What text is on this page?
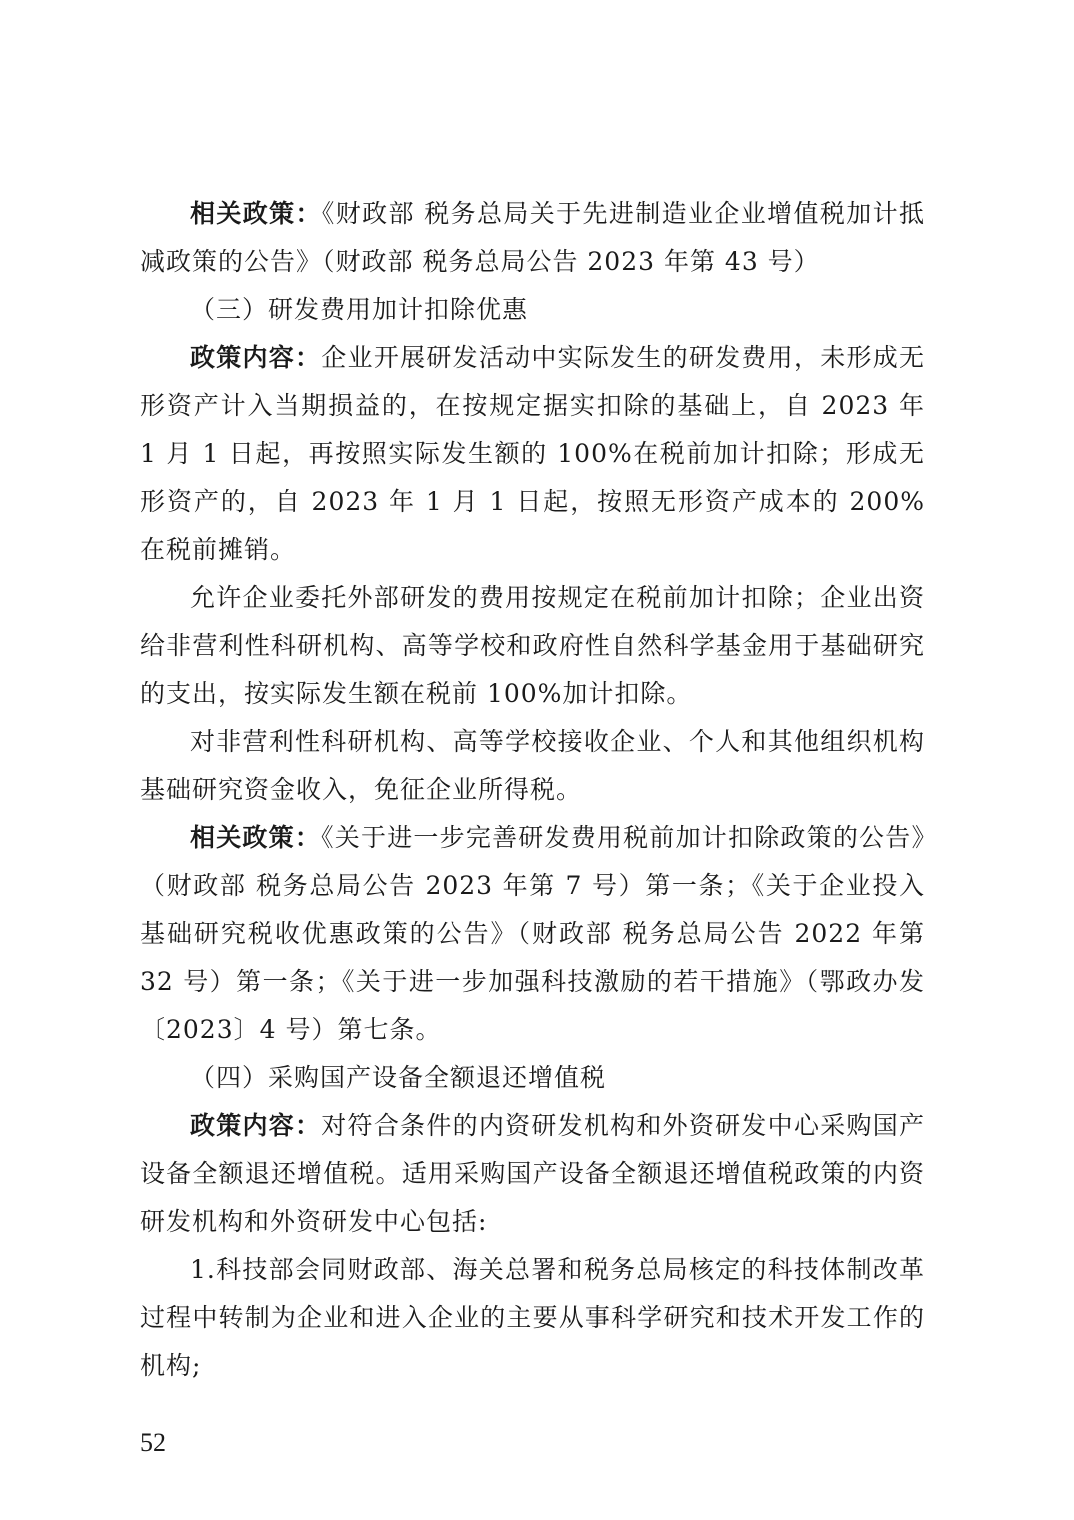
相关政策：《财政部 税务总局关于先进制造业企业增值税加计抵减政策的公告》（财政部 税务总局公告 2023 年第 43 号）

（三）研发费用加计扣除优惠

政策内容：企业开展研发活动中实际发生的研发费用，未形成无形资产计入当期损益的，在按规定据实扣除的基础上，自 2023 年 1 月 1 日起，再按照实际发生额的 100%在税前加计扣除；形成无形资产的，自 2023 年 1 月 1 日起，按照无形资产成本的 200%在税前摊销。

允许企业委托外部研发的费用按规定在税前加计扣除；企业出资给非营利性科研机构、高等学校和政府性自然科学基金用于基础研究的支出，按实际发生额在税前 100%加计扣除。

对非营利性科研机构、高等学校接收企业、个人和其他组织机构基础研究资金收入，免征企业所得税。

相关政策：《关于进一步完善研发费用税前加计扣除政策的公告》（财政部 税务总局公告 2023 年第 7 号）第一条；《关于企业投入基础研究税收优惠政策的公告》（财政部 税务总局公告 2022 年第 32 号）第一条；《关于进一步加强科技激励的若干措施》（鄂政办发〔2023〕4 号）第七条。

（四）采购国产设备全额退还增值税

政策内容：对符合条件的内资研发机构和外资研发中心采购国产设备全额退还增值税。适用采购国产设备全额退还增值税政策的内资研发机构和外资研发中心包括:

1.科技部会同财政部、海关总署和税务总局核定的科技体制改革过程中转制为企业和进入企业的主要从事科学研究和技术开发工作的机构;

52
